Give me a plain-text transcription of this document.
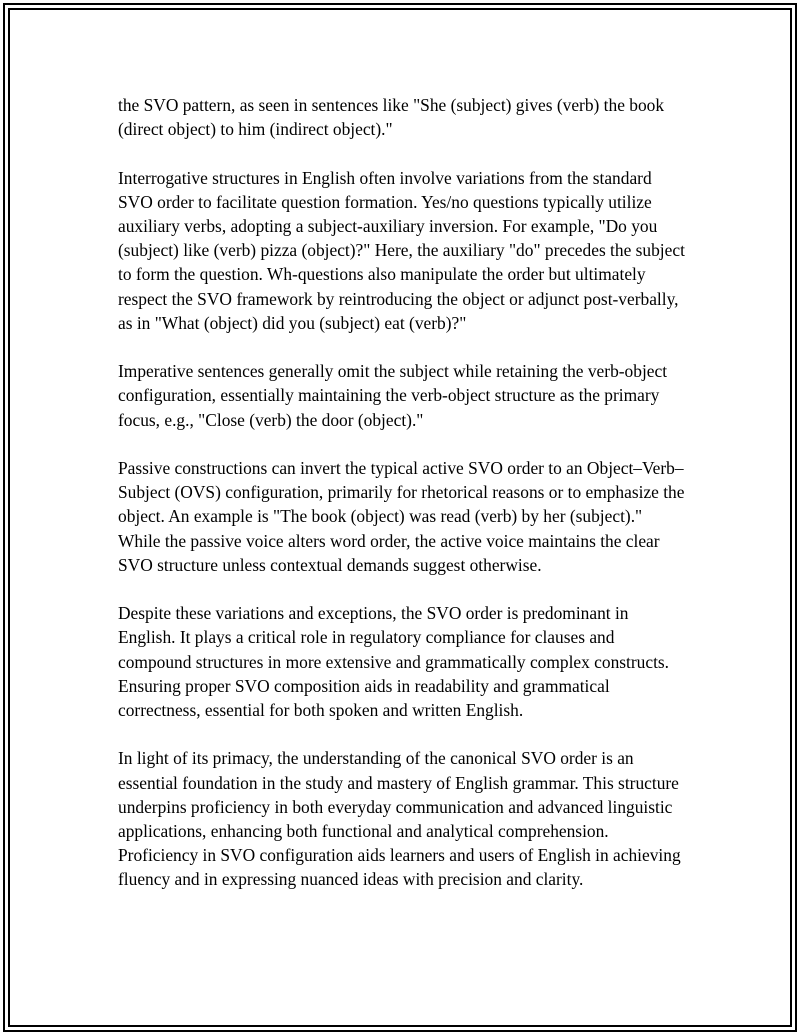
the SVO pattern, as seen in sentences like "She (subject) gives (verb) the book (direct object) to him (indirect object)."

Interrogative structures in English often involve variations from the standard SVO order to facilitate question formation. Yes/no questions typically utilize auxiliary verbs, adopting a subject-auxiliary inversion. For example, "Do you (subject) like (verb) pizza (object)?" Here, the auxiliary "do" precedes the subject to form the question. Wh-questions also manipulate the order but ultimately respect the SVO framework by reintroducing the object or adjunct post-verbally, as in "What (object) did you (subject) eat (verb)?"

Imperative sentences generally omit the subject while retaining the verb-object configuration, essentially maintaining the verb-object structure as the primary focus, e.g., "Close (verb) the door (object)."

Passive constructions can invert the typical active SVO order to an Object–Verb–Subject (OVS) configuration, primarily for rhetorical reasons or to emphasize the object. An example is "The book (object) was read (verb) by her (subject)." While the passive voice alters word order, the active voice maintains the clear SVO structure unless contextual demands suggest otherwise.

Despite these variations and exceptions, the SVO order is predominant in English. It plays a critical role in regulatory compliance for clauses and compound structures in more extensive and grammatically complex constructs. Ensuring proper SVO composition aids in readability and grammatical correctness, essential for both spoken and written English.

In light of its primacy, the understanding of the canonical SVO order is an essential foundation in the study and mastery of English grammar. This structure underpins proficiency in both everyday communication and advanced linguistic applications, enhancing both functional and analytical comprehension. Proficiency in SVO configuration aids learners and users of English in achieving fluency and in expressing nuanced ideas with precision and clarity.
